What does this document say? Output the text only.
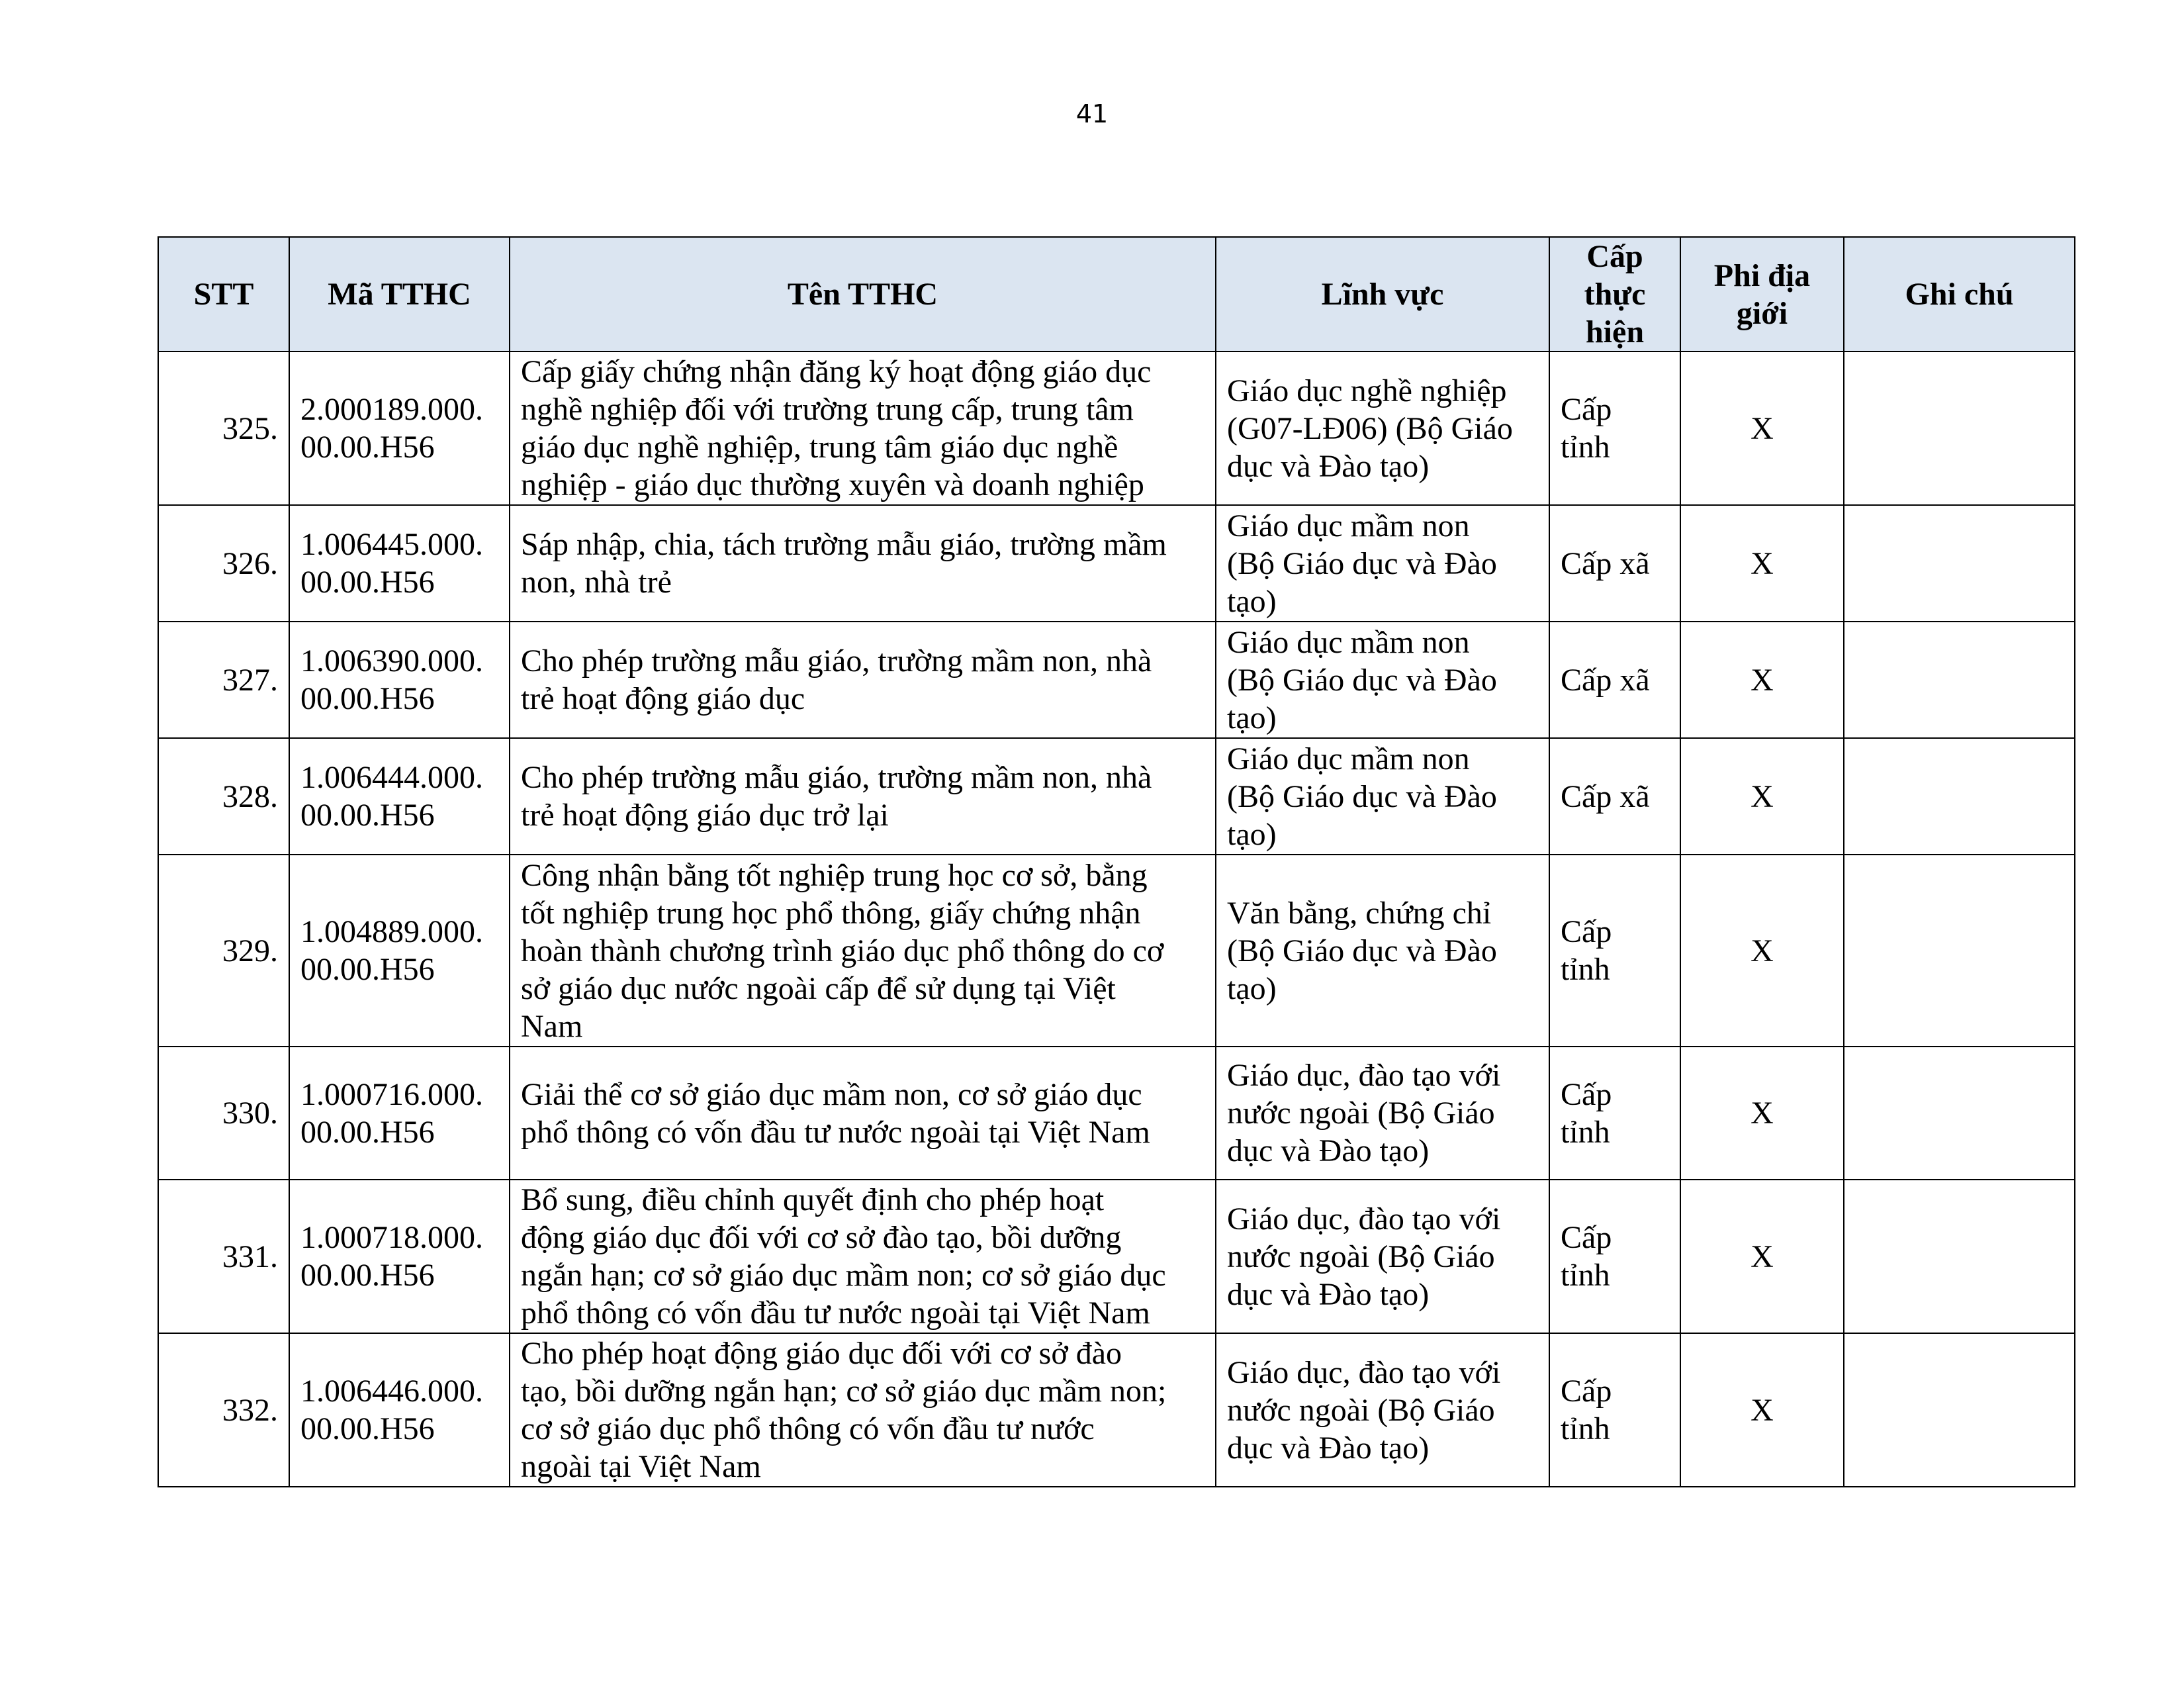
41
STT	Mã TTHC	Tên TTHC	Lĩnh vực	Cấp
thực
hiện	Phi địa
giới	Ghi chú
325.	2.000189.000.
00.00.H56	Cấp giấy chứng nhận đăng ký hoạt động giáo dục
nghề nghiệp đối với trường trung cấp, trung tâm
giáo dục nghề nghiệp, trung tâm giáo dục nghề
nghiệp - giáo dục thường xuyên và doanh nghiệp	Giáo dục nghề nghiệp
(G07-LĐ06) (Bộ Giáo
dục và Đào tạo)	Cấp
tỉnh	X	
326.	1.006445.000.
00.00.H56	Sáp nhập, chia, tách trường mẫu giáo, trường mầm
non, nhà trẻ	Giáo dục mầm non
(Bộ Giáo dục và Đào
tạo)	Cấp xã	X	
327.	1.006390.000.
00.00.H56	Cho phép trường mẫu giáo, trường mầm non, nhà
trẻ hoạt động giáo dục	Giáo dục mầm non
(Bộ Giáo dục và Đào
tạo)	Cấp xã	X	
328.	1.006444.000.
00.00.H56	Cho phép trường mẫu giáo, trường mầm non, nhà
trẻ hoạt động giáo dục trở lại	Giáo dục mầm non
(Bộ Giáo dục và Đào
tạo)	Cấp xã	X	
329.	1.004889.000.
00.00.H56	Công nhận bằng tốt nghiệp trung học cơ sở, bằng
tốt nghiệp trung học phổ thông, giấy chứng nhận
hoàn thành chương trình giáo dục phổ thông do cơ
sở giáo dục nước ngoài cấp để sử dụng tại Việt
Nam	Văn bằng, chứng chỉ
(Bộ Giáo dục và Đào
tạo)	Cấp
tỉnh	X	
330.	1.000716.000.
00.00.H56	Giải thể cơ sở giáo dục mầm non, cơ sở giáo dục
phổ thông có vốn đầu tư nước ngoài tại Việt Nam	Giáo dục, đào tạo với
nước ngoài (Bộ Giáo
dục và Đào tạo)	Cấp
tỉnh	X	
331.	1.000718.000.
00.00.H56	Bổ sung, điều chỉnh quyết định cho phép hoạt
động giáo dục đối với cơ sở đào tạo, bồi dưỡng
ngắn hạn; cơ sở giáo dục mầm non; cơ sở giáo dục
phổ thông có vốn đầu tư nước ngoài tại Việt Nam	Giáo dục, đào tạo với
nước ngoài (Bộ Giáo
dục và Đào tạo)	Cấp
tỉnh	X	
332.	1.006446.000.
00.00.H56	Cho phép hoạt động giáo dục đối với cơ sở đào
tạo, bồi dưỡng ngắn hạn; cơ sở giáo dục mầm non;
cơ sở giáo dục phổ thông có vốn đầu tư nước
ngoài tại Việt Nam	Giáo dục, đào tạo với
nước ngoài (Bộ Giáo
dục và Đào tạo)	Cấp
tỉnh	X	
